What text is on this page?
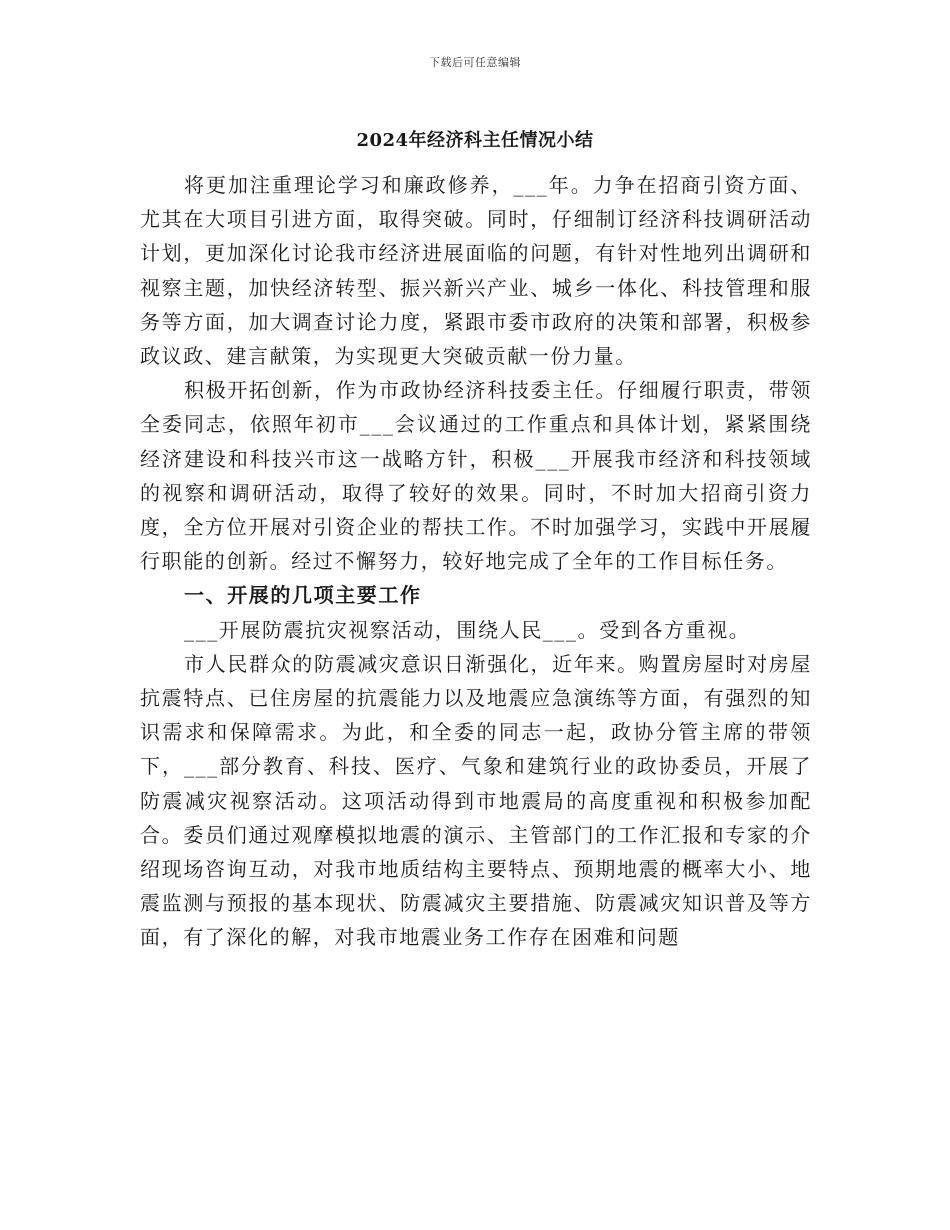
下载后可任意编辑
2024年经济科主任情况小结

将更加注重理论学习和廉政修养，___年。力争在招商引资方面、尤其在大项目引进方面，取得突破。同时，仔细制订经济科技调研活动计划，更加深化讨论我市经济进展面临的问题，有针对性地列出调研和视察主题，加快经济转型、振兴新兴产业、城乡一体化、科技管理和服务等方面，加大调查讨论力度，紧跟市委市政府的决策和部署，积极参政议政、建言献策，为实现更大突破贡献一份力量。

积极开拓创新，作为市政协经济科技委主任。仔细履行职责，带领全委同志，依照年初市___会议通过的工作重点和具体计划，紧紧围绕经济建设和科技兴市这一战略方针，积极___开展我市经济和科技领域的视察和调研活动，取得了较好的效果。同时，不时加大招商引资力度，全方位开展对引资企业的帮扶工作。不时加强学习，实践中开展履行职能的创新。经过不懈努力，较好地完成了全年的工作目标任务。

一、开展的几项主要工作

___开展防震抗灾视察活动，围绕人民___。受到各方重视。

市人民群众的防震减灾意识日渐强化，近年来。购置房屋时对房屋抗震特点、已住房屋的抗震能力以及地震应急演练等方面，有强烈的知识需求和保障需求。为此，和全委的同志一起，政协分管主席的带领下，___部分教育、科技、医疗、气象和建筑行业的政协委员，开展了防震减灾视察活动。这项活动得到市地震局的高度重视和积极参加配合。委员们通过观摩模拟地震的演示、主管部门的工作汇报和专家的介绍现场咨询互动，对我市地质结构主要特点、预期地震的概率大小、地震监测与预报的基本现状、防震减灾主要措施、防震减灾知识普及等方面，有了深化的解，对我市地震业务工作存在困难和问题
